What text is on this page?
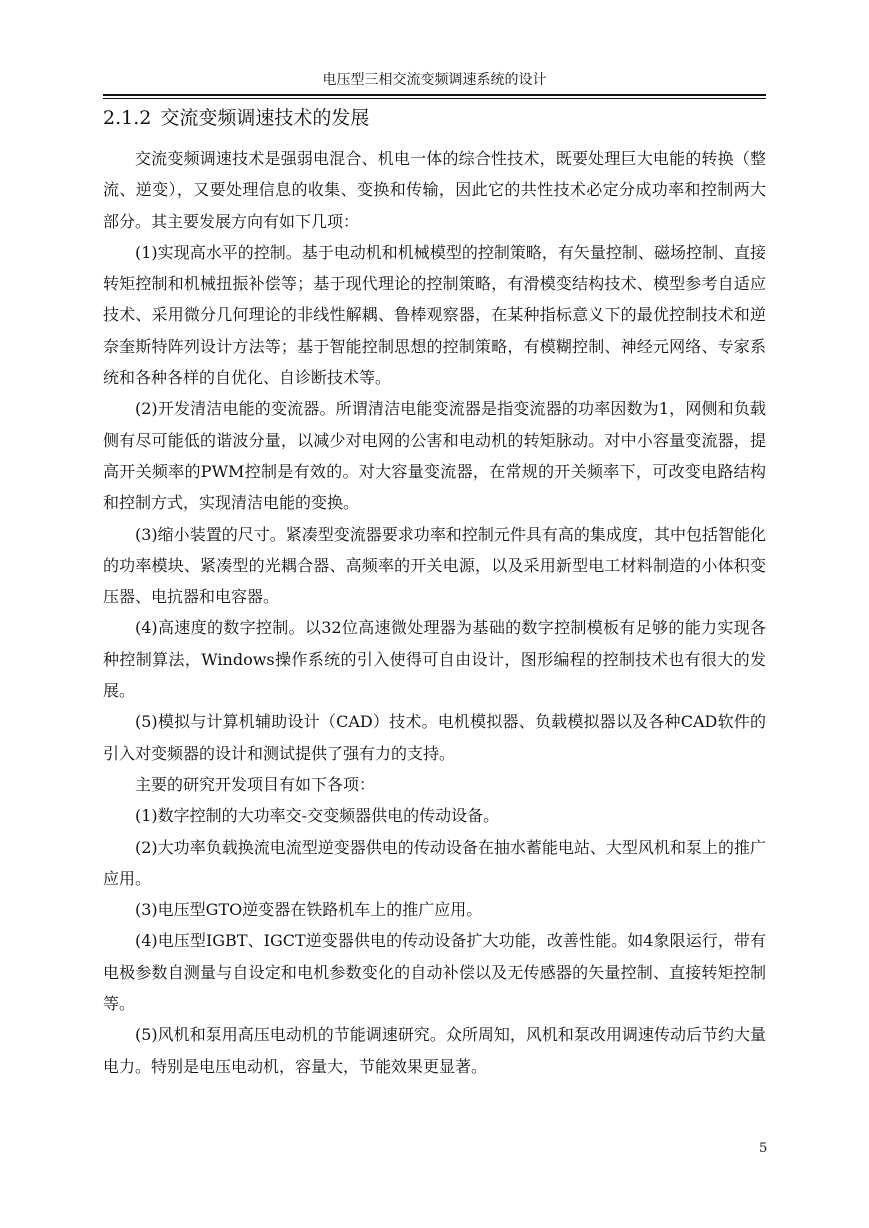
电压型三相交流变频调速系统的设计
2.1.2 交流变频调速技术的发展

交流变频调速技术是强弱电混合、机电一体的综合性技术，既要处理巨大电能的转换（整流、逆变），又要处理信息的收集、变换和传输，因此它的共性技术必定分成功率和控制两大部分。其主要发展方向有如下几项：

(1)实现高水平的控制。基于电动机和机械模型的控制策略，有矢量控制、磁场控制、直接转矩控制和机械扭振补偿等；基于现代理论的控制策略，有滑模变结构技术、模型参考自适应技术、采用微分几何理论的非线性解耦、鲁棒观察器，在某种指标意义下的最优控制技术和逆奈奎斯特阵列设计方法等；基于智能控制思想的控制策略，有模糊控制、神经元网络、专家系统和各种各样的自优化、自诊断技术等。

(2)开发清洁电能的变流器。所谓清洁电能变流器是指变流器的功率因数为1，网侧和负载侧有尽可能低的谐波分量，以减少对电网的公害和电动机的转矩脉动。对中小容量变流器，提高开关频率的PWM控制是有效的。对大容量变流器，在常规的开关频率下，可改变电路结构和控制方式，实现清洁电能的变换。

(3)缩小装置的尺寸。紧凑型变流器要求功率和控制元件具有高的集成度，其中包括智能化的功率模块、紧凑型的光耦合器、高频率的开关电源，以及采用新型电工材料制造的小体积变压器、电抗器和电容器。

(4)高速度的数字控制。以32位高速微处理器为基础的数字控制模板有足够的能力实现各种控制算法，Windows操作系统的引入使得可自由设计，图形编程的控制技术也有很大的发展。

(5)模拟与计算机辅助设计（CAD）技术。电机模拟器、负载模拟器以及各种CAD软件的引入对变频器的设计和测试提供了强有力的支持。

主要的研究开发项目有如下各项：

(1)数字控制的大功率交-交变频器供电的传动设备。

(2)大功率负载换流电流型逆变器供电的传动设备在抽水蓄能电站、大型风机和泵上的推广应用。

(3)电压型GTO逆变器在铁路机车上的推广应用。

(4)电压型IGBT、IGCT逆变器供电的传动设备扩大功能，改善性能。如4象限运行，带有电极参数自测量与自设定和电机参数变化的自动补偿以及无传感器的矢量控制、直接转矩控制等。

(5)风机和泵用高压电动机的节能调速研究。众所周知，风机和泵改用调速传动后节约大量电力。特别是电压电动机，容量大，节能效果更显著。

5
